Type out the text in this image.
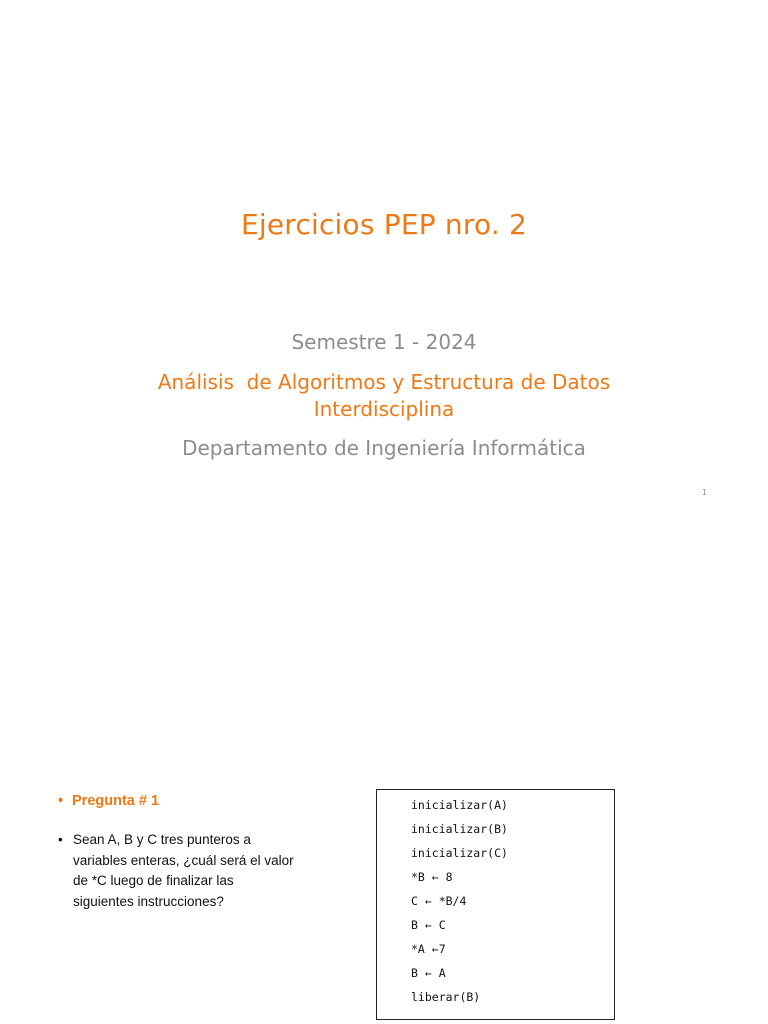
Ejercicios PEP nro. 2
Semestre 1 - 2024
Análisis  de Algoritmos y Estructura de Datos
Interdisciplina
Departamento de Ingeniería Informática
1
• Pregunta # 1
• Sean A, B y C tres punteros a variables enteras, ¿cuál será el valor de *C luego de finalizar las siguientes instrucciones?
inicializar(A)
inicializar(B)
inicializar(C)
*B ← 8
C ← *B/4
B ← C
*A ←7
B ← A
liberar(B)
